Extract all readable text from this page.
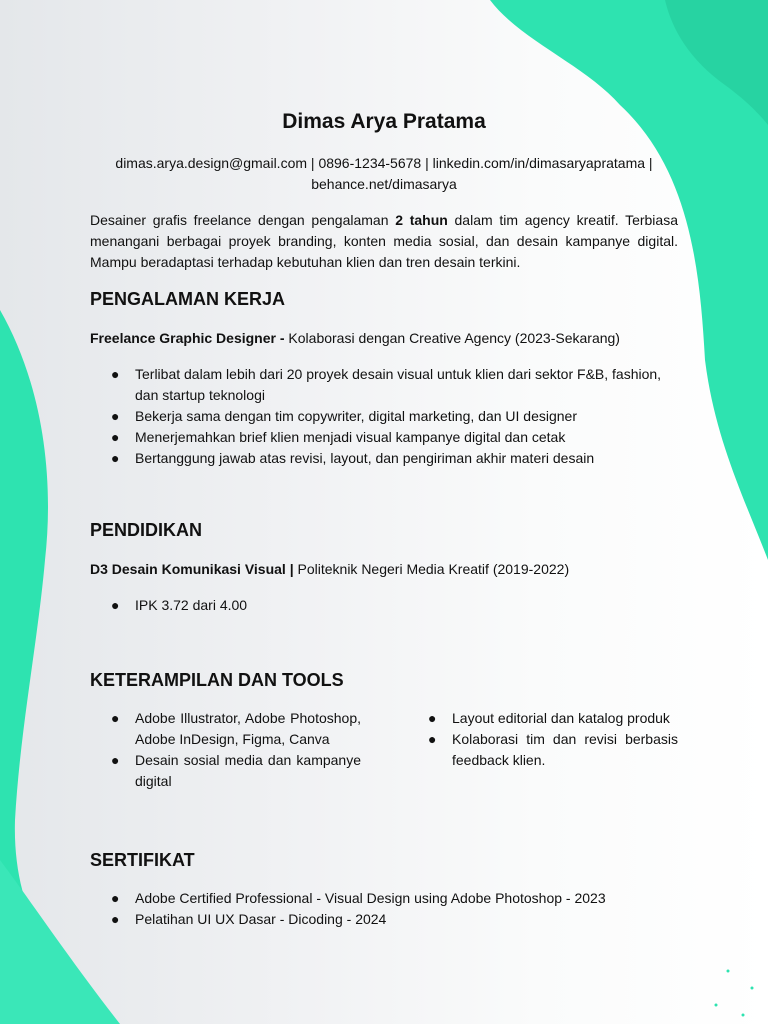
Dimas Arya Pratama
dimas.arya.design@gmail.com | 0896-1234-5678 | linkedin.com/in/dimasaryapratama |
behance.net/dimasarya
Desainer grafis freelance dengan pengalaman 2 tahun dalam tim agency kreatif. Terbiasa menangani berbagai proyek branding, konten media sosial, dan desain kampanye digital. Mampu beradaptasi terhadap kebutuhan klien dan tren desain terkini.
PENGALAMAN KERJA
Freelance Graphic Designer - Kolaborasi dengan Creative Agency (2023-Sekarang)
● Terlibat dalam lebih dari 20 proyek desain visual untuk klien dari sektor F&B, fashion, dan startup teknologi
● Bekerja sama dengan tim copywriter, digital marketing, dan UI designer
● Menerjemahkan brief klien menjadi visual kampanye digital dan cetak
● Bertanggung jawab atas revisi, layout, dan pengiriman akhir materi desain
PENDIDIKAN
D3 Desain Komunikasi Visual | Politeknik Negeri Media Kreatif (2019-2022)
● IPK 3.72 dari 4.00
KETERAMPILAN DAN TOOLS
● Adobe Illustrator, Adobe Photoshop, Adobe InDesign, Figma, Canva
● Desain sosial media dan kampanye digital
● Layout editorial dan katalog produk
● Kolaborasi tim dan revisi berbasis feedback klien.
SERTIFIKAT
● Adobe Certified Professional - Visual Design using Adobe Photoshop - 2023
● Pelatihan UI UX Dasar - Dicoding - 2024
